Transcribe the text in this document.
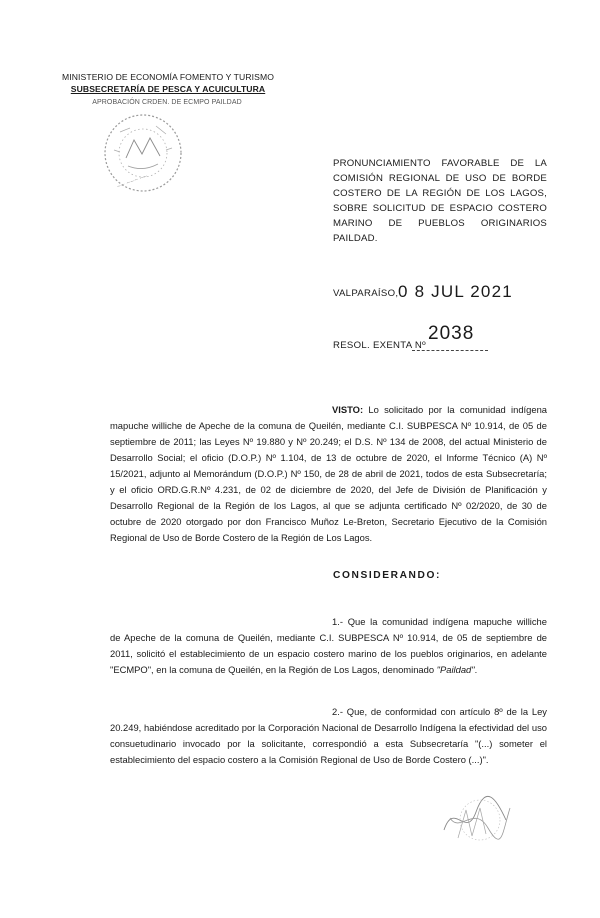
MINISTERIO DE ECONOMÍA FOMENTO Y TURISMO
SUBSECRETARÍA DE PESCA Y ACUICULTURA
APROBACIÓN CRDEN. DE ECMPO PAILDAD
~~ ~~~ ~~
PRONUNCIAMIENTO FAVORABLE DE LA COMISIÓN REGIONAL DE USO DE BORDE COSTERO DE LA REGIÓN DE LOS LAGOS, SOBRE SOLICITUD DE ESPACIO COSTERO MARINO DE PUEBLOS ORIGINARIOS PAILDAD.
VALPARAÍSO, 0 8 JUL 2021
RESOL. EXENTA Nº
2038
VISTO: Lo solicitado por la comunidad indígena mapuche williche de Apeche de la comuna de Queilén, mediante C.I. SUBPESCA Nº 10.914, de 05 de septiembre de 2011; las Leyes Nº 19.880 y Nº 20.249; el D.S. Nº 134 de 2008, del actual Ministerio de Desarrollo Social; el oficio (D.O.P.) Nº 1.104, de 13 de octubre de 2020, el Informe Técnico (A) Nº 15/2021, adjunto al Memorándum (D.O.P.) Nº 150, de 28 de abril de 2021, todos de esta Subsecretaría; y el oficio ORD.G.R.Nº 4.231, de 02 de diciembre de 2020, del Jefe de División de Planificación y Desarrollo Regional de la Región de los Lagos, al que se adjunta certificado Nº 02/2020, de 30 de octubre de 2020 otorgado por don Francisco Muñoz Le-Breton, Secretario Ejecutivo de la Comisión Regional de Uso de Borde Costero de la Región de Los Lagos.
CONSIDERANDO:
1.- Que la comunidad indígena mapuche williche de Apeche de la comuna de Queilén, mediante C.I. SUBPESCA Nº 10.914, de 05 de septiembre de 2011, solicitó el establecimiento de un espacio costero marino de los pueblos originarios, en adelante "ECMPO", en la comuna de Queilén, en la Región de Los Lagos, denominado "Paildad".
2.- Que, de conformidad con artículo 8º de la Ley 20.249, habiéndose acreditado por la Corporación Nacional de Desarrollo Indígena la efectividad del uso consuetudinario invocado por la solicitante, correspondió a esta Subsecretaría "(...) someter el establecimiento del espacio costero a la Comisión Regional de Uso de Borde Costero (...)".
